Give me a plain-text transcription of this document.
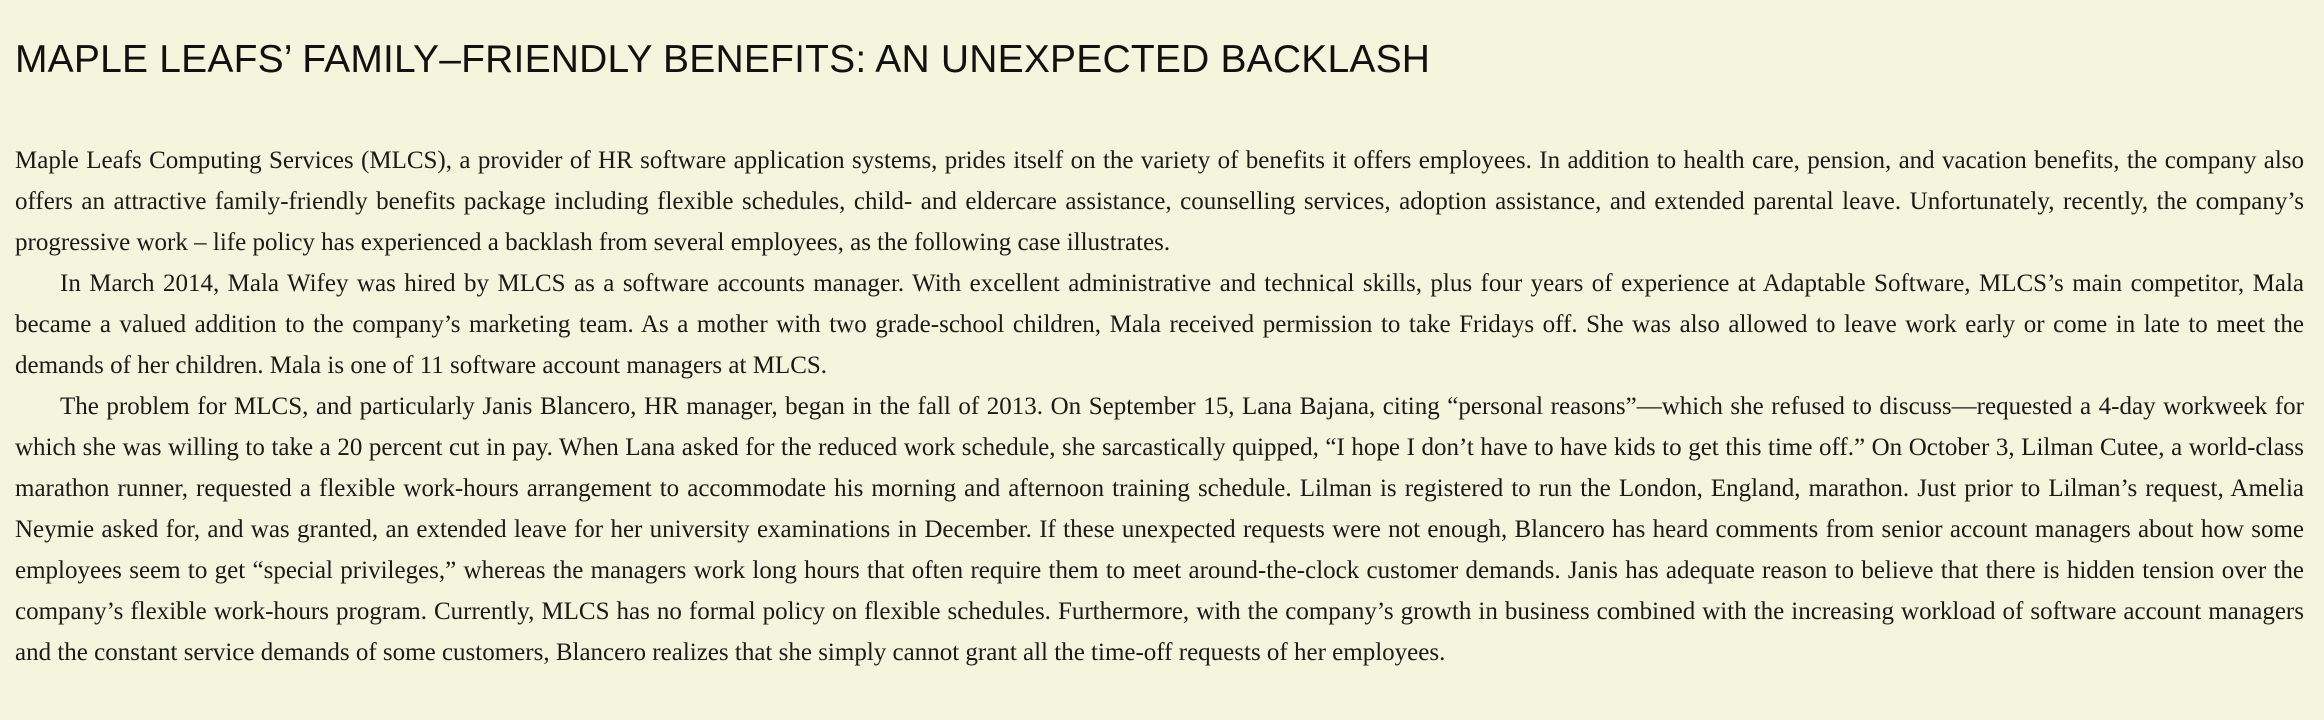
MAPLE LEAFS’ FAMILY–FRIENDLY BENEFITS: AN UNEXPECTED BACKLASH

Maple Leafs Computing Services (MLCS), a provider of HR software application systems, prides itself on the variety of benefits it offers employees. In addition to health care, pension, and vacation benefits, the company also offers an attractive family-friendly benefits package including flexible schedules, child- and eldercare assistance, counselling services, adoption assistance, and extended parental leave. Unfortunately, recently, the company’s progressive work – life policy has experienced a backlash from several employees, as the following case illustrates.

In March 2014, Mala Wifey was hired by MLCS as a software accounts manager. With excellent administrative and technical skills, plus four years of experience at Adaptable Software, MLCS’s main competitor, Mala became a valued addition to the company’s marketing team. As a mother with two grade-school children, Mala received permission to take Fridays off. She was also allowed to leave work early or come in late to meet the demands of her children. Mala is one of 11 software account managers at MLCS.

The problem for MLCS, and particularly Janis Blancero, HR manager, began in the fall of 2013. On September 15, Lana Bajana, citing “personal reasons”—which she refused to discuss—requested a 4-day workweek for which she was willing to take a 20 percent cut in pay. When Lana asked for the reduced work schedule, she sarcastically quipped, “I hope I don’t have to have kids to get this time off.” On October 3, Lilman Cutee, a world-class marathon runner, requested a flexible work-hours arrangement to accommodate his morning and afternoon training schedule. Lilman is registered to run the London, England, marathon. Just prior to Lilman’s request, Amelia Neymie asked for, and was granted, an extended leave for her university examinations in December. If these unexpected requests were not enough, Blancero has heard comments from senior account managers about how some employees seem to get “special privileges,” whereas the managers work long hours that often require them to meet around-the-clock customer demands. Janis has adequate reason to believe that there is hidden tension over the company’s flexible work-hours program. Currently, MLCS has no formal policy on flexible schedules. Furthermore, with the company’s growth in business combined with the increasing workload of software account managers and the constant service demands of some customers, Blancero realizes that she simply cannot grant all the time-off requests of her employees.
